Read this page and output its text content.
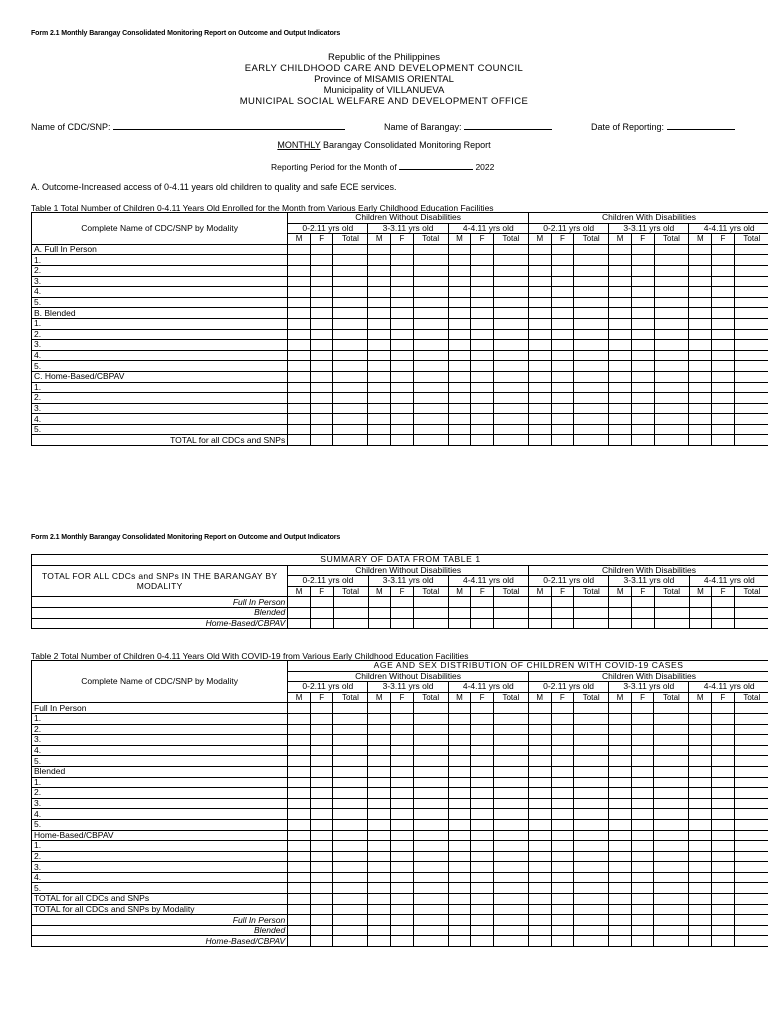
Form 2.1 Monthly Barangay Consolidated Monitoring Report on Outcome and Output Indicators
Republic of the Philippines
EARLY CHILDHOOD CARE AND DEVELOPMENT COUNCIL
Province of MISAMIS ORIENTAL
Municipality of VILLANUEVA
MUNICIPAL SOCIAL WELFARE AND DEVELOPMENT OFFICE
Name of CDC/SNP:	Name of Barangay:	Date of Reporting:
MONTHLY Barangay Consolidated Monitoring Report
Reporting Period for the Month of	2022
A. Outcome-Increased access of 0-4.11 years old children to quality and safe ECE services.
Table 1 Total Number of Children 0-4.11 Years Old Enrolled for the Month from Various Early Childhood Education Facilities
Complete Name of CDC/SNP by Modality	Children Without Disabilities									Children With Disabilities								
	0-2.11 yrs old			3-3.11 yrs old			4-4.11 yrs old			0-2.11 yrs old			3-3.11 yrs old			4-4.11 yrs old		
	M	F	Total	M	F	Total	M	F	Total	M	F	Total	M	F	Total	M	F	Total
A. Full In Person																		
1.																		
2.																		
3.																		
4.																		
5.																		
B. Blended																		
1.																		
2.																		
3.																		
4.																		
5.																		
C. Home-Based/CBPAV																		
1.																		
2.																		
3.																		
4.																		
5.																		
TOTAL for all CDCs and SNPs																		
Form 2.1 Monthly Barangay Consolidated Monitoring Report on Outcome and Output Indicators
SUMMARY OF DATA FROM TABLE 1																		
TOTAL FOR ALL CDCs and SNPs IN THE BARANGAY BY MODALITY	Children Without Disabilities									Children With Disabilities								
	0-2.11 yrs old			3-3.11 yrs old			4-4.11 yrs old			0-2.11 yrs old			3-3.11 yrs old			4-4.11 yrs old		
	M	F	Total	M	F	Total	M	F	Total	M	F	Total	M	F	Total	M	F	Total
Full In Person																		
Blended																		
Home-Based/CBPAV																		
Table 2 Total Number of Children 0-4.11 Years Old With COVID-19 from Various Early Childhood Education Facilities
Complete Name of CDC/SNP by Modality	AGE AND SEX DISTRIBUTION OF CHILDREN WITH COVID-19 CASES																	
	Children Without Disabilities									Children With Disabilities								
	0-2.11 yrs old			3-3.11 yrs old			4-4.11 yrs old			0-2.11 yrs old			3-3.11 yrs old			4-4.11 yrs old		
	M	F	Total	M	F	Total	M	F	Total	M	F	Total	M	F	Total	M	F	Total
Full In Person																		
1.																		
2.																		
3.																		
4.																		
5.																		
Blended																		
1.																		
2.																		
3.																		
4.																		
5.																		
Home-Based/CBPAV																		
1.																		
2.																		
3.																		
4.																		
5.																		
TOTAL for all CDCs and SNPs																		
TOTAL for all CDCs and SNPs by Modality																		
Full In Person																		
Blended																		
Home-Based/CBPAV																		
